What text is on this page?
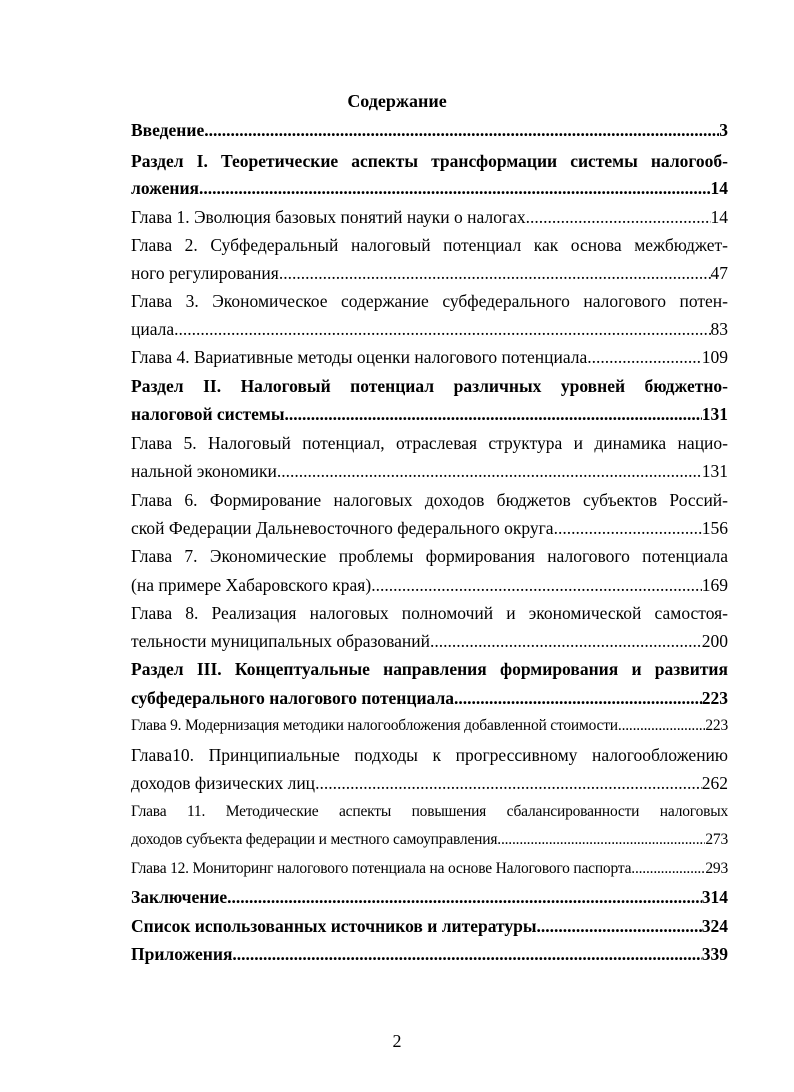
Содержание
Введение .....	3
Раздел I. Теоретические аспекты трансформации системы налогооб-
ложения .....	14
Глава 1. Эволюция базовых понятий науки о налогах .....	14
Глава 2. Субфедеральный налоговый потенциал как основа межбюджет-
ного регулирования .....	47
Глава 3. Экономическое содержание субфедерального налогового потен-
циала .....	83
Глава 4. Вариативные методы оценки налогового потенциала .....	109
Раздел II. Налоговый потенциал различных уровней бюджетно-
налоговой системы .....	131
Глава 5. Налоговый потенциал, отраслевая структура и динамика нацио-
нальной экономики .....	131
Глава 6. Формирование налоговых доходов бюджетов субъектов Россий-
ской Федерации Дальневосточного федерального округа .....	156
Глава 7. Экономические проблемы формирования налогового потенциала
(на примере Хабаровского края) .....	169
Глава 8. Реализация налоговых полномочий и экономической самостоя-
тельности муниципальных образований .....	200
Раздел III. Концептуальные направления формирования и развития
субфедерального налогового потенциала .....	223
Глава 9. Модернизация методики налогообложения добавленной стоимости .....	223
Глава10. Принципиальные подходы к прогрессивному налогообложению
доходов физических лиц .....	262
Глава 11. Методические аспекты повышения сбалансированности налоговых
доходов субъекта федерации и местного самоуправления .....	273
Глава 12. Мониторинг налогового потенциала на основе Налогового паспорта .....	293
Заключение .....	314
Список использованных источников и литературы .....	324
Приложения .....	339
2
